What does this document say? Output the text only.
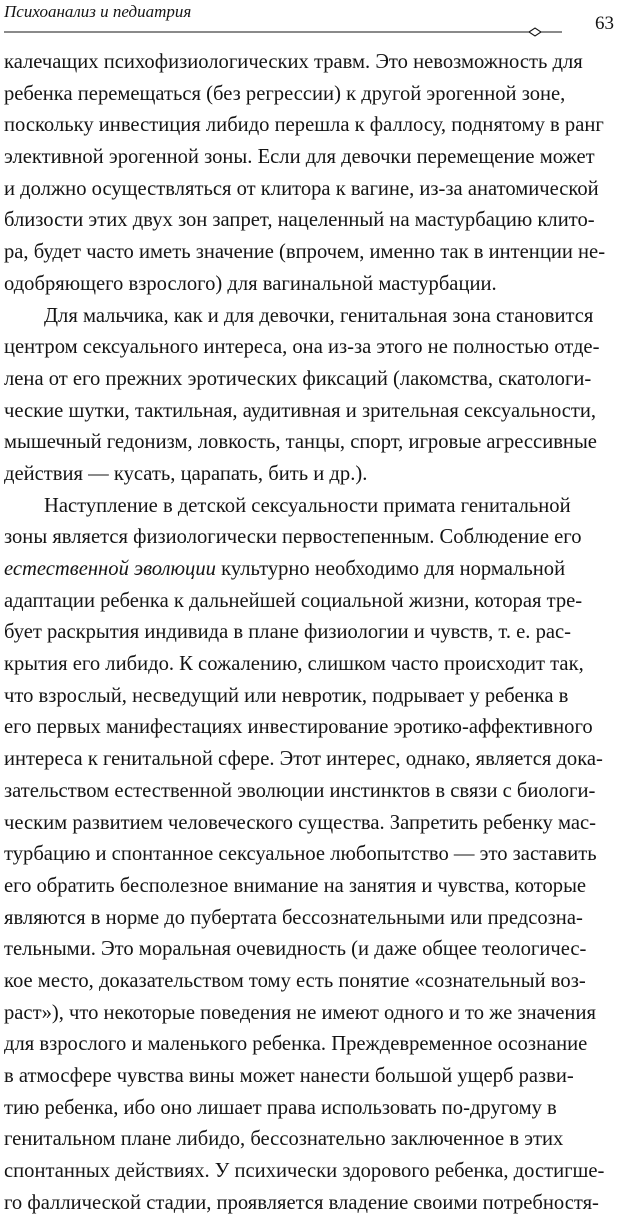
Психоанализ и педиатрия
63
калечащих психофизиологических травм. Это невозможность для
ребенка перемещаться (без регрессии) к другой эрогенной зоне,
поскольку инвестиция либидо перешла к фаллосу, поднятому в ранг
элективной эрогенной зоны. Если для девочки перемещение может
и должно осуществляться от клитора к вагине, из-за анатомической
близости этих двух зон запрет, нацеленный на мастурбацию клито-
ра, будет часто иметь значение (впрочем, именно так в интенции не-
одобряющего взрослого) для вагинальной мастурбации.
Для мальчика, как и для девочки, генитальная зона становится
центром сексуального интереса, она из-за этого не полностью отде-
лена от его прежних эротических фиксаций (лакомства, скатологи-
ческие шутки, тактильная, аудитивная и зрительная сексуальности,
мышечный гедонизм, ловкость, танцы, спорт, игровые агрессивные
действия — кусать, царапать, бить и др.).
Наступление в детской сексуальности примата генитальной
зоны является физиологически первостепенным. Соблюдение его
естественной эволюции культурно необходимо для нормальной
адаптации ребенка к дальнейшей социальной жизни, которая тре-
бует раскрытия индивида в плане физиологии и чувств, т. е. рас-
крытия его либидо. К сожалению, слишком часто происходит так,
что взрослый, несведущий или невротик, подрывает у ребенка в
его первых манифестациях инвестирование эротико-аффективного
интереса к генитальной сфере. Этот интерес, однако, является дока-
зательством естественной эволюции инстинктов в связи с биологи-
ческим развитием человеческого существа. Запретить ребенку мас-
турбацию и спонтанное сексуальное любопытство — это заставить
его обратить бесполезное внимание на занятия и чувства, которые
являются в норме до пубертата бессознательными или предсозна-
тельными. Это моральная очевидность (и даже общее теологичес-
кое место, доказательством тому есть понятие «сознательный воз-
раст»), что некоторые поведения не имеют одного и то же значения
для взрослого и маленького ребенка. Преждевременное осознание
в атмосфере чувства вины может нанести большой ущерб разви-
тию ребенка, ибо оно лишает права использовать по-другому в
генитальном плане либидо, бессознательно заключенное в этих
спонтанных действиях. У психически здорового ребенка, достигше-
го фаллической стадии, проявляется владение своими потребностя-
